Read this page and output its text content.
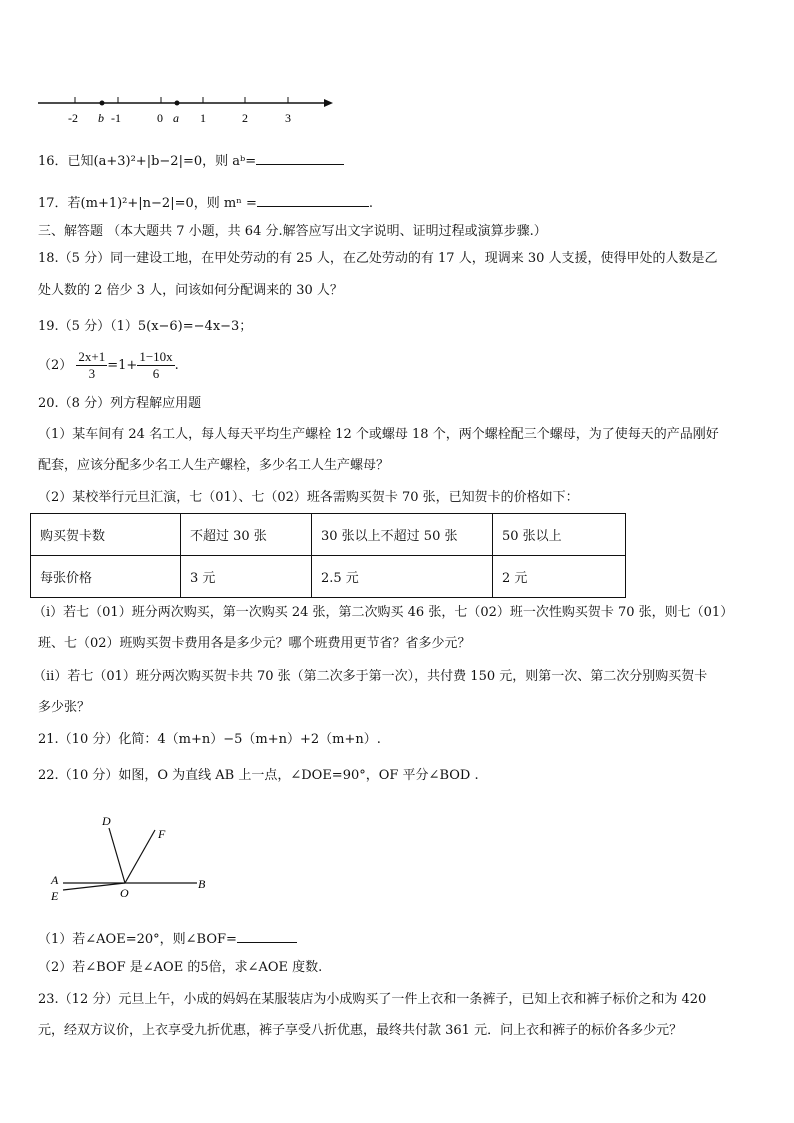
-2 b -1	0 a 1	2	3
16．已知(a+3)²+|b−2|=0，则 aᵇ=
17．若(m+1)²+|n−2|=0，则 mⁿ =	.
三、解答题 （本大题共 7 小题，共 64 分.解答应写出文字说明、证明过程或演算步骤.）
18.（5 分）同一建设工地，在甲处劳动的有 25 人，在乙处劳动的有 17 人，现调来 30 人支援，使得甲处的人数是乙
处人数的 2 倍少 3 人，问该如何分配调来的 30 人？
19.（5 分）（1）5(x−6)=−4x−3；
$(2) \frac{2x+1}{3} =1+ \frac{1-10x}{6}$ .
20.（8 分）列方程解应用题
（1）某车间有 24 名工人，每人每天平均生产螺栓 12 个或螺母 18 个，两个螺栓配三个螺母，为了使每天的产品刚好
配套，应该分配多少名工人生产螺栓，多少名工人生产螺母？
（2）某校举行元旦汇演，七（01）、七（02）班各需购买贺卡 70 张，已知贺卡的价格如下：
购买贺卡数	不超过 30 张	30 张以上不超过 50 张	50 张以上
每张价格	3 元	2.5 元	2 元
（i）若七（01）班分两次购买，第一次购买 24 张，第二次购买 46 张，七（02）班一次性购买贺卡 70 张，则七（01）
班、七（02）班购买贺卡费用各是多少元？哪个班费用更节省？省多少元？
（ii）若七（01）班分两次购买贺卡共 70 张（第二次多于第一次），共付费 150 元，则第一次、第二次分别购买贺卡
多少张？
21.（10 分）化简：4（m+n）−5（m+n）+2（m+n）.
22.（10 分）如图，O 为直线 AB 上一点，∠DOE=90°，OF 平分∠BOD .
D
F
A
E	O
B
（1）若∠AOE=20°，则∠BOF=
（2）若∠BOF 是∠AOE 的5倍，求∠AOE 度数.
23.（12 分）元旦上午，小成的妈妈在某服装店为小成购买了一件上衣和一条裤子，已知上衣和裤子标价之和为 420
元，经双方议价，上衣享受九折优惠，裤子享受八折优惠，最终共付款 361 元．问上衣和裤子的标价各多少元？
